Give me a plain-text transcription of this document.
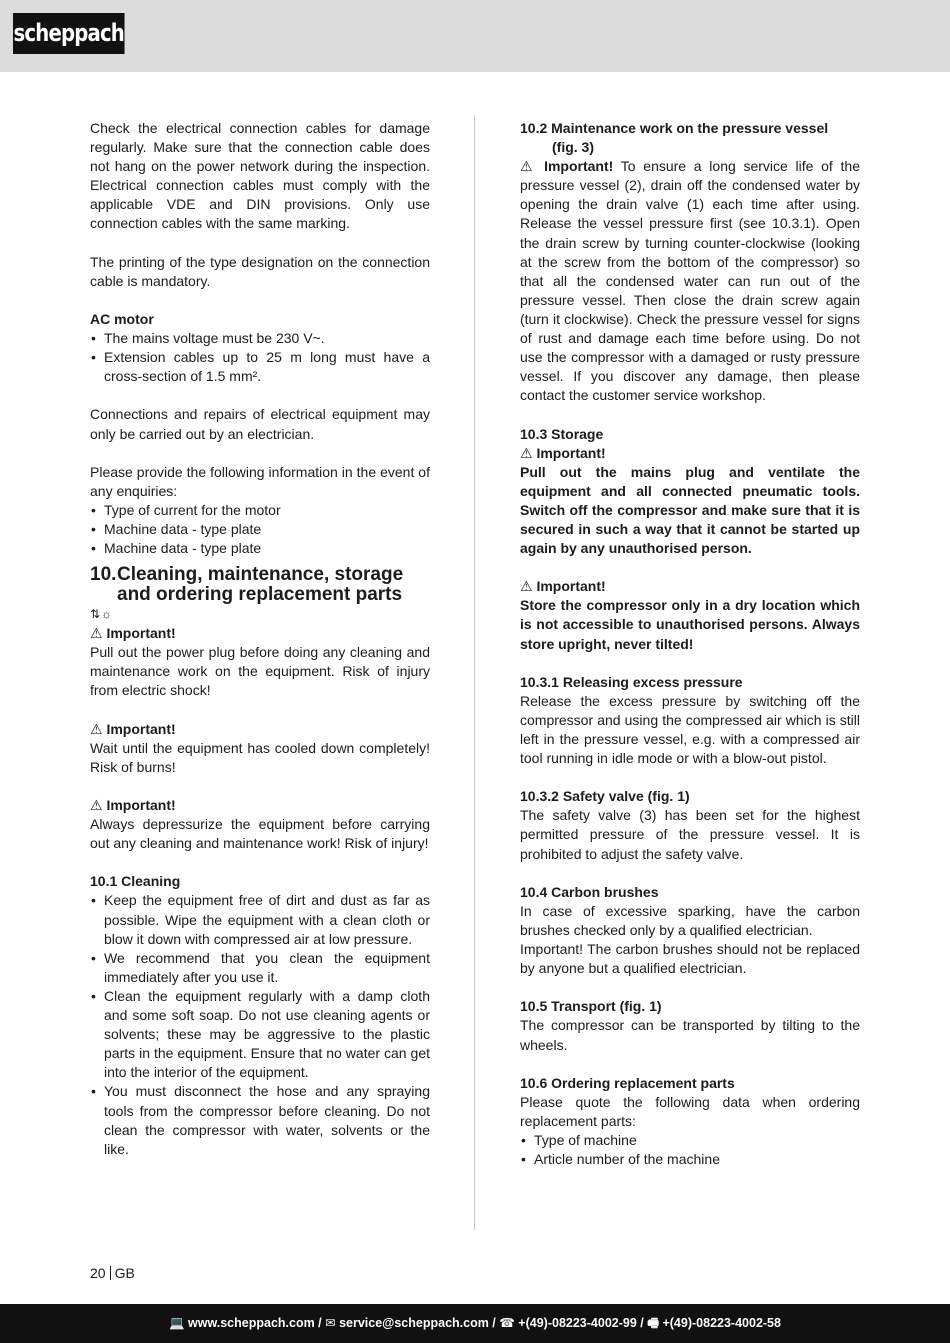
scheppach

Check the electrical connection cables for damage regularly. Make sure that the connection cable does not hang on the power network during the inspection. Electrical connection cables must comply with the applicable VDE and DIN provisions. Only use connection cables with the same marking.

The printing of the type designation on the connection cable is mandatory.

AC motor

• The mains voltage must be 230 V~.
• Extension cables up to 25 m long must have a cross-section of 1.5 mm².

Connections and repairs of electrical equipment may only be carried out by an electrician.

Please provide the following information in the event of any enquiries:

• Type of current for the motor
• Machine data - type plate
• Machine data - type plate
10.Cleaning, maintenance, storage
and ordering replacement parts
⇅☼

⚠ Important!

Pull out the power plug before doing any cleaning and maintenance work on the equipment. Risk of injury from electric shock!

⚠ Important!

Wait until the equipment has cooled down completely! Risk of burns!

⚠ Important!

Always depressurize the equipment before carrying out any cleaning and maintenance work! Risk of injury!

10.1 Cleaning

• Keep the equipment free of dirt and dust as far as possible. Wipe the equipment with a clean cloth or blow it down with compressed air at low pressure.
• We recommend that you clean the equipment immediately after you use it.
• Clean the equipment regularly with a damp cloth and some soft soap. Do not use cleaning agents or solvents; these may be aggressive to the plastic parts in the equipment. Ensure that no water can get into the interior of the equipment.
• You must disconnect the hose and any spraying tools from the compressor before cleaning. Do not clean the compressor with water, solvents or the like.

10.2 Maintenance work on the pressure vessel

(fig. 3)

⚠ Important! To ensure a long service life of the pressure vessel (2), drain off the condensed water by opening the drain valve (1) each time after using. Release the vessel pressure first (see 10.3.1). Open the drain screw by turning counter-clockwise (looking at the screw from the bottom of the compressor) so that all the condensed water can run out of the pressure vessel. Then close the drain screw again (turn it clockwise). Check the pressure vessel for signs of rust and damage each time before using. Do not use the compressor with a damaged or rusty pressure vessel. If you discover any damage, then please contact the customer service workshop.

10.3 Storage

⚠ Important!

Pull out the mains plug and ventilate the equipment and all connected pneumatic tools. Switch off the compressor and make sure that it is secured in such a way that it cannot be started up again by any unauthorised person.

⚠ Important!

Store the compressor only in a dry location which is not accessible to unauthorised persons. Always store upright, never tilted!

10.3.1 Releasing excess pressure

Release the excess pressure by switching off the compressor and using the compressed air which is still left in the pressure vessel, e.g. with a compressed air tool running in idle mode or with a blow-out pistol.

10.3.2 Safety valve (fig. 1)

The safety valve (3) has been set for the highest permitted pressure of the pressure vessel. It is prohibited to adjust the safety valve.

10.4 Carbon brushes

In case of excessive sparking, have the carbon brushes checked only by a qualified electrician.

Important! The carbon brushes should not be replaced by anyone but a qualified electrician.

10.5 Transport (fig. 1)

The compressor can be transported by tilting to the wheels.

10.6 Ordering replacement parts

Please quote the following data when ordering replacement parts:

• Type of machine
• Article number of the machine
20 GB
💻 www.scheppach.com / ✉ service@scheppach.com / ☎ +(49)-08223-4002-99 / 🖷 +(49)-08223-4002-58
